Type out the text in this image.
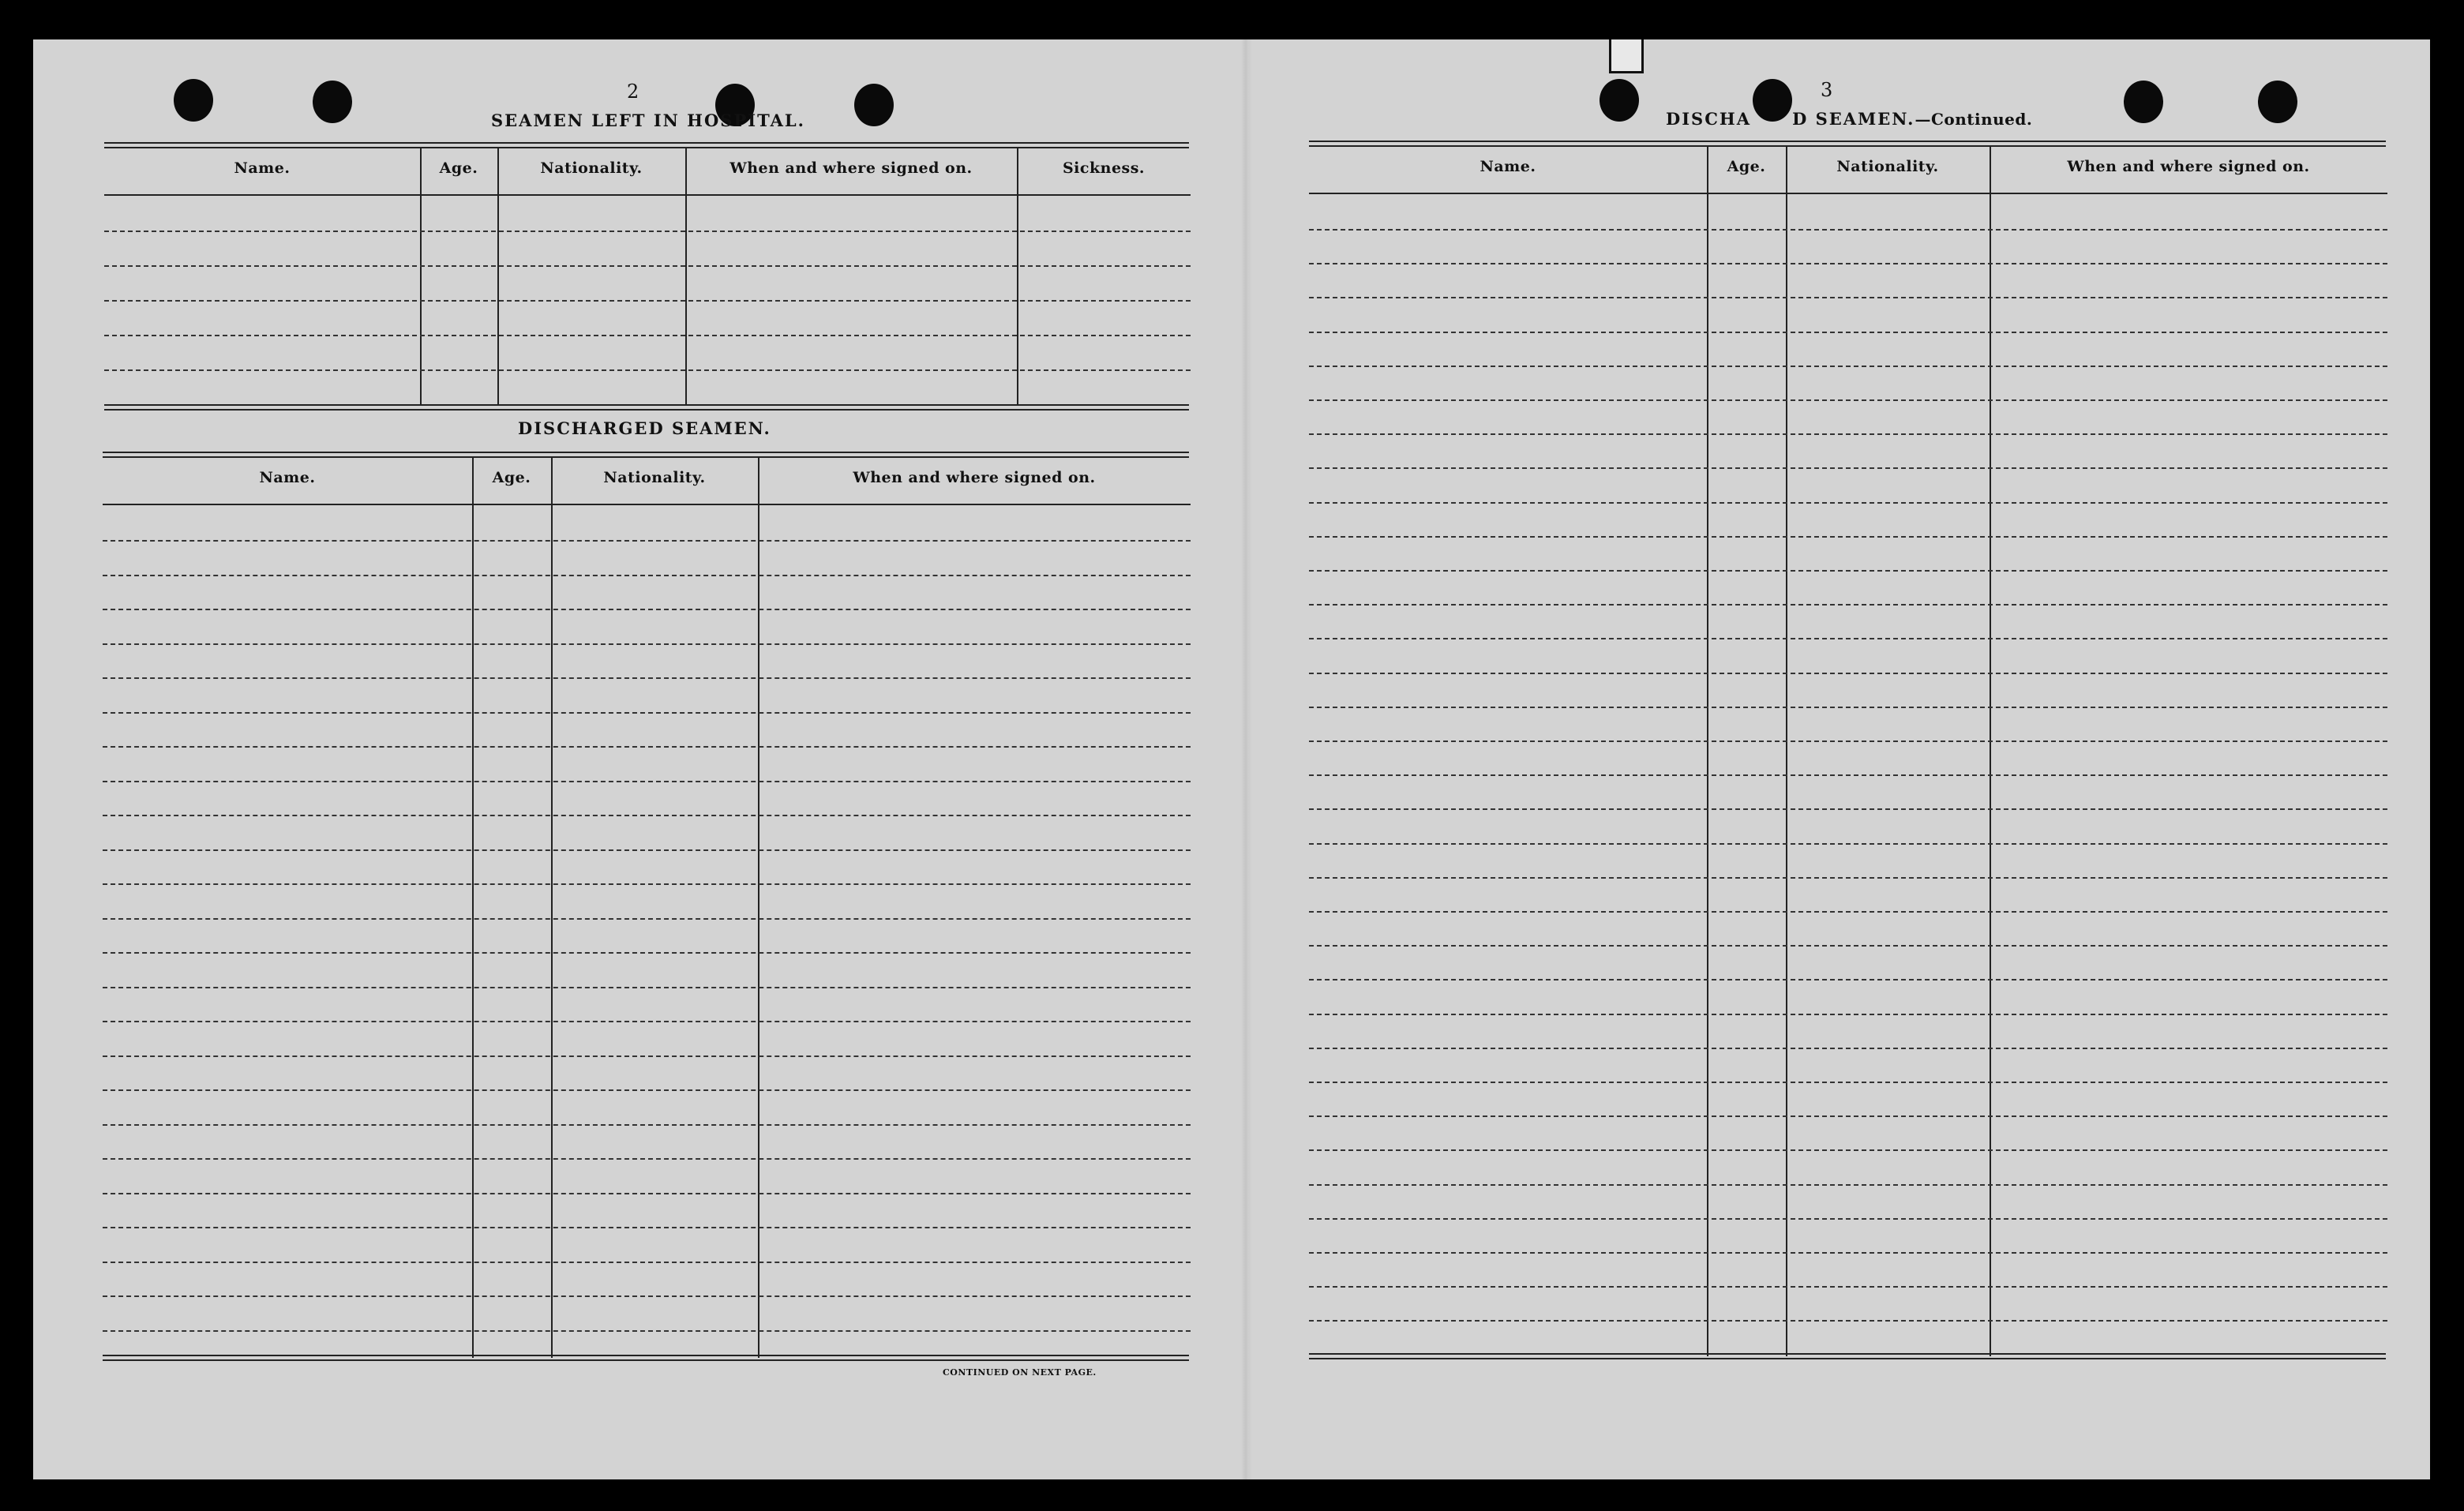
2
SEAMEN LEFT IN HOSPITAL.
Name.	Age.	Nationality.	When and where signed on.	Sickness.
DISCHARGED SEAMEN.
Name.	Age.	Nationality.	When and where signed on.
CONTINUED ON NEXT PAGE.
3
DISCHA D SEAMEN.—Continued.
Name.	Age.	Nationality.	When and where signed on.
